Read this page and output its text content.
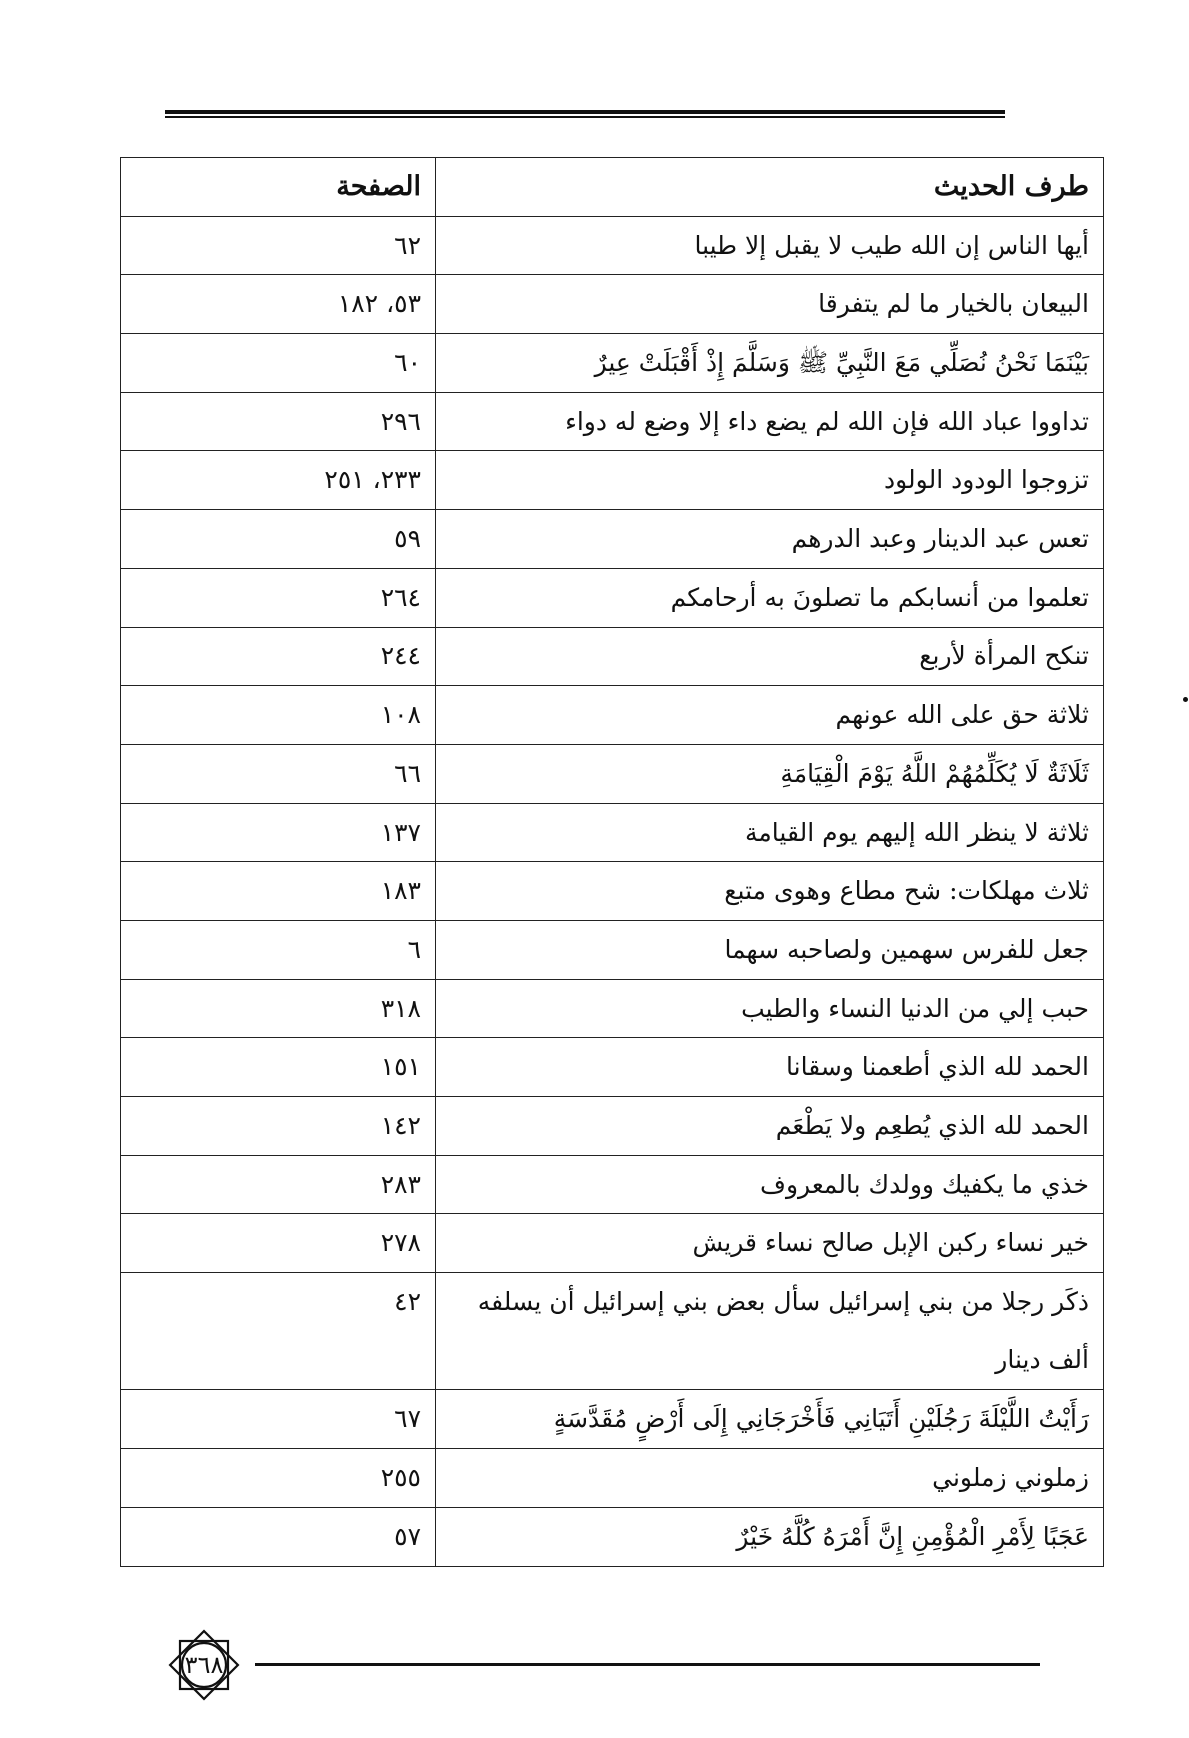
طرف الحديث	الصفحة
أيها الناس إن الله طيب لا يقبل إلا طيبا	٦٢
البيعان بالخيار ما لم يتفرقا	٥٣، ١٨٢
بَيْنَمَا نَحْنُ نُصَلِّي مَعَ النَّبِيِّ ﷺ وَسَلَّمَ إِذْ أَقْبَلَتْ عِيرٌ	٦٠
تداووا عباد الله فإن الله لم يضع داء إلا وضع له دواء	٢٩٦
تزوجوا الودود الولود	٢٣٣، ٢٥١
تعس عبد الدينار وعبد الدرهم	٥٩
تعلموا من أنسابكم ما تصلونَ به أرحامكم	٢٦٤
تنكح المرأة لأربع	٢٤٤
ثلاثة حق على الله عونهم	١٠٨
ثَلَاثَةٌ لَا يُكَلِّمُهُمْ اللَّهُ يَوْمَ الْقِيَامَةِ	٦٦
ثلاثة لا ينظر الله إليهم يوم القيامة	١٣٧
ثلاث مهلكات: شح مطاع وهوى متبع	١٨٣
جعل للفرس سهمين ولصاحبه سهما	٦
حبب إلي من الدنيا النساء والطيب	٣١٨
الحمد لله الذي أطعمنا وسقانا	١٥١
الحمد لله الذي يُطعِم ولا يَطْعَم	١٤٢
خذي ما يكفيك وولدك بالمعروف	٢٨٣
خير نساء ركبن الإبل صالح نساء قريش	٢٧٨
ذكَر رجلا من بني إسرائيل سأل بعض بني إسرائيل أن يسلفه ألف دينار	٤٢
رَأَيْتُ اللَّيْلَةَ رَجُلَيْنِ أَتَيَانِي فَأَخْرَجَانِي إِلَى أَرْضٍ مُقَدَّسَةٍ	٦٧
زملوني زملوني	٢٥٥
عَجَبًا لِأَمْرِ الْمُؤْمِنِ إِنَّ أَمْرَهُ كُلَّهُ خَيْرٌ	٥٧
٣٦٨
